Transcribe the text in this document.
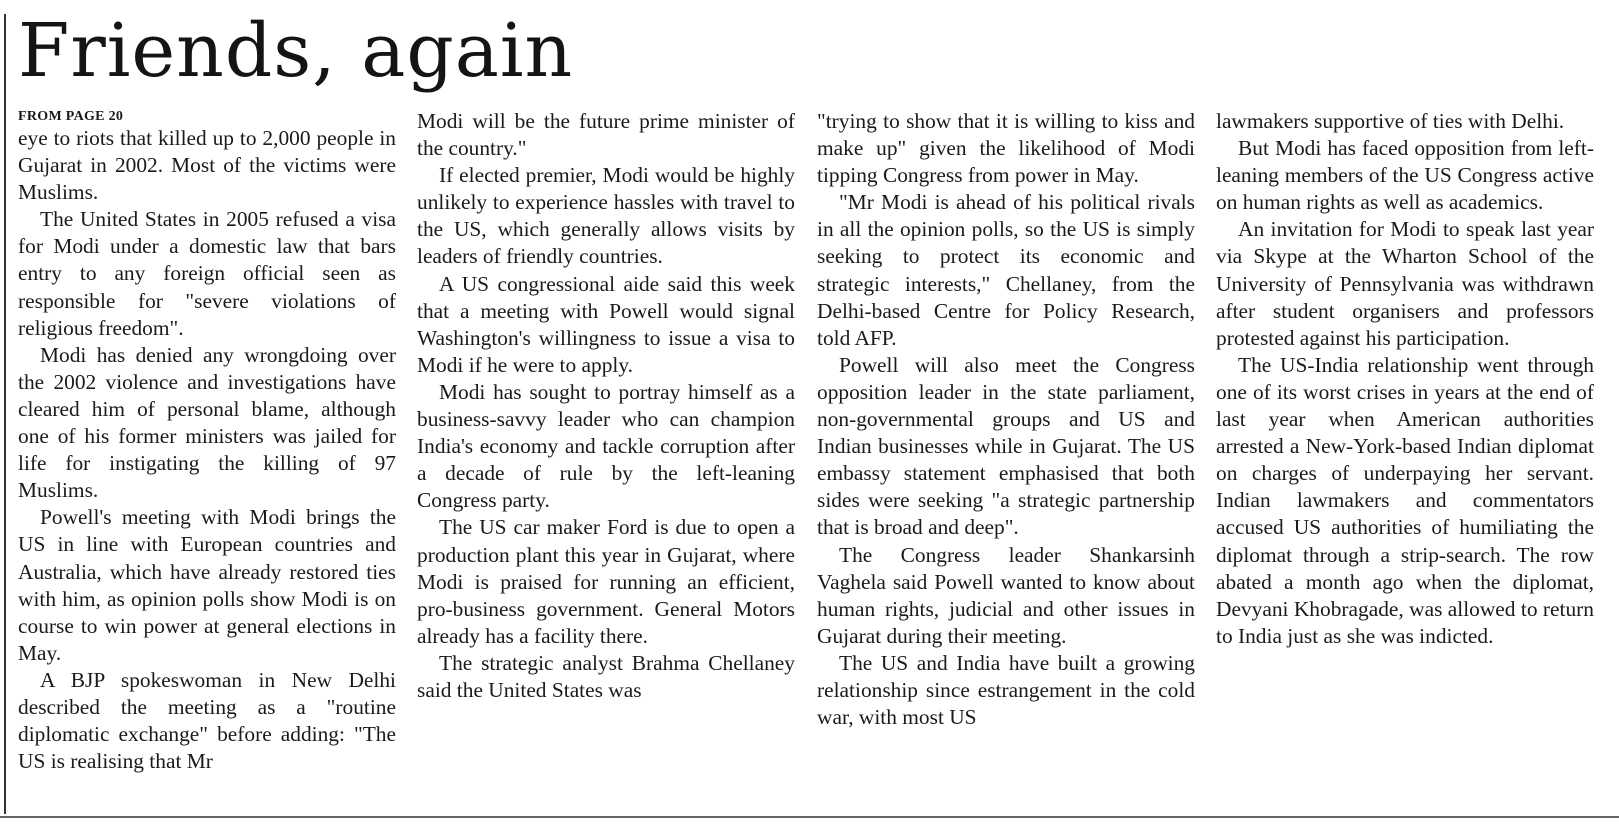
Friends, again
FROM PAGE 20

eye to riots that killed up to 2,000 people in Gujarat in 2002. Most of the victims were Muslims.

The United States in 2005 refused a visa for Modi under a domestic law that bars entry to any foreign official seen as responsible for "severe violations of religious freedom".

Modi has denied any wrongdoing over the 2002 violence and investigations have cleared him of personal blame, although one of his former ministers was jailed for life for instigating the killing of 97 Muslims.

Powell's meeting with Modi brings the US in line with European countries and Australia, which have already restored ties with him, as opinion polls show Modi is on course to win power at general elections in May.

A BJP spokeswoman in New Delhi described the meeting as a "routine diplomatic exchange" before adding: "The US is realising that Mr

Modi will be the future prime minister of the country."

If elected premier, Modi would be highly unlikely to experience hassles with travel to the US, which generally allows visits by leaders of friendly countries.

A US congressional aide said this week that a meeting with Powell would signal Washington's willingness to issue a visa to Modi if he were to apply.

Modi has sought to portray himself as a business-savvy leader who can champion India's economy and tackle corruption after a decade of rule by the left-leaning Congress party.

The US car maker Ford is due to open a production plant this year in Gujarat, where Modi is praised for running an efficient, pro-business government. General Motors already has a facility there.

The strategic analyst Brahma Chellaney said the United States was

"trying to show that it is willing to kiss and make up" given the likelihood of Modi tipping Congress from power in May.

"Mr Modi is ahead of his political rivals in all the opinion polls, so the US is simply seeking to protect its economic and strategic interests," Chellaney, from the Delhi-based Centre for Policy Research, told AFP.

Powell will also meet the Congress opposition leader in the state parliament, non-governmental groups and US and Indian businesses while in Gujarat. The US embassy statement emphasised that both sides were seeking "a strategic partnership that is broad and deep".

The Congress leader Shankarsinh Vaghela said Powell wanted to know about human rights, judicial and other issues in Gujarat during their meeting.

The US and India have built a growing relationship since estrangement in the cold war, with most US

lawmakers supportive of ties with Delhi.

But Modi has faced opposition from left-leaning members of the US Congress active on human rights as well as academics.

An invitation for Modi to speak last year via Skype at the Wharton School of the University of Pennsylvania was withdrawn after student organisers and professors protested against his participation.

The US-India relationship went through one of its worst crises in years at the end of last year when American authorities arrested a New-York-based Indian diplomat on charges of underpaying her servant. Indian lawmakers and commentators accused US authorities of humiliating the diplomat through a strip-search. The row abated a month ago when the diplomat, Devyani Khobragade, was allowed to return to India just as she was indicted.
